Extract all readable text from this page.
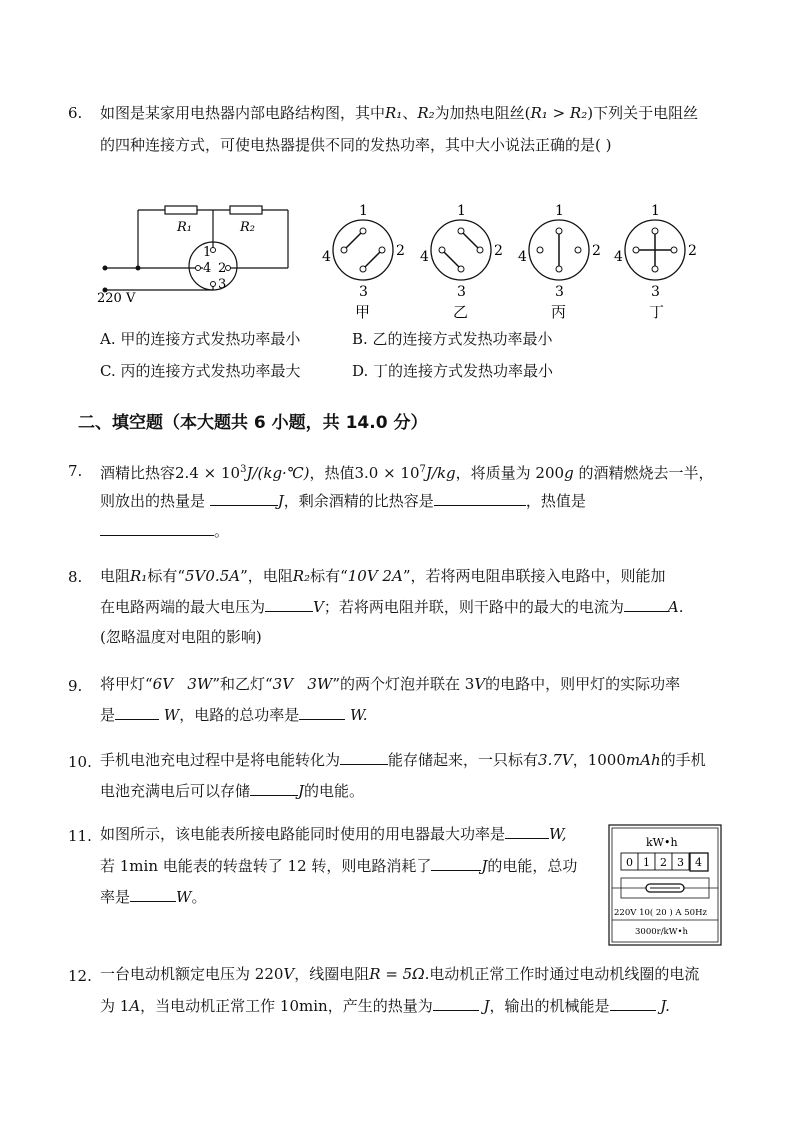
6. 如图是某家用电热器内部电路结构图，其中R₁、R₂为加热电阻丝(R₁ > R₂)下列关于电阻丝
的四种连接方式，可使电热器提供不同的发热功率，其中大小说法正确的是( )
R₁	R₂
1
4 2
3
220 V
1
2
3
4
甲
1
2
3
4
乙
1
2
3
4
丙
1
2
3
4
丁
A. 甲的连接方式发热功率最小	B. 乙的连接方式发热功率最小
C. 丙的连接方式发热功率最大	D. 丁的连接方式发热功率最小
二、填空题（本大题共 6 小题，共 14.0 分）
7. 酒精比热容$2.4 \times 10^3J/(kg\cdot℃)$，热值$3.0 \times 10^7J/kg$，将质量为 200g 的酒精燃烧去一半，
则放出的热量是	J，剩余酒精的比热容是	，热值是
。
8. 电阻R₁标有“5V0.5A”，电阻R₂标有“10V 2A”，若将两电阻串联接入电路中，则能加
在电路两端的最大电压为	V；若将两电阻并联，则干路中的最大的电流为	A.
(忽略温度对电阻的影响)
9. 将甲灯“6V   3W”和乙灯“3V   3W”的两个灯泡并联在 3V的电路中，则甲灯的实际功率
是	W，电路的总功率是	W.
10. 手机电池充电过程中是将电能转化为	能存储起来，一只标有3.7V，1000mAh的手机
电池充满电后可以存储	J的电能。
11. 如图所示，该电能表所接电路能同时使用的用电器最大功率是	W,
若 1min 电能表的转盘转了 12 转，则电路消耗了	J的电能，总功
率是	W。
kW•h
0 1 2 3 4
220V 10( 20 ) A 50Hz
3000r/kW•h
12. 一台电动机额定电压为 220V，线圈电阻R = 5Ω.电动机正常工作时通过电动机线圈的电流
为 1A，当电动机正常工作 10min，产生的热量为	J，输出的机械能是	J.
